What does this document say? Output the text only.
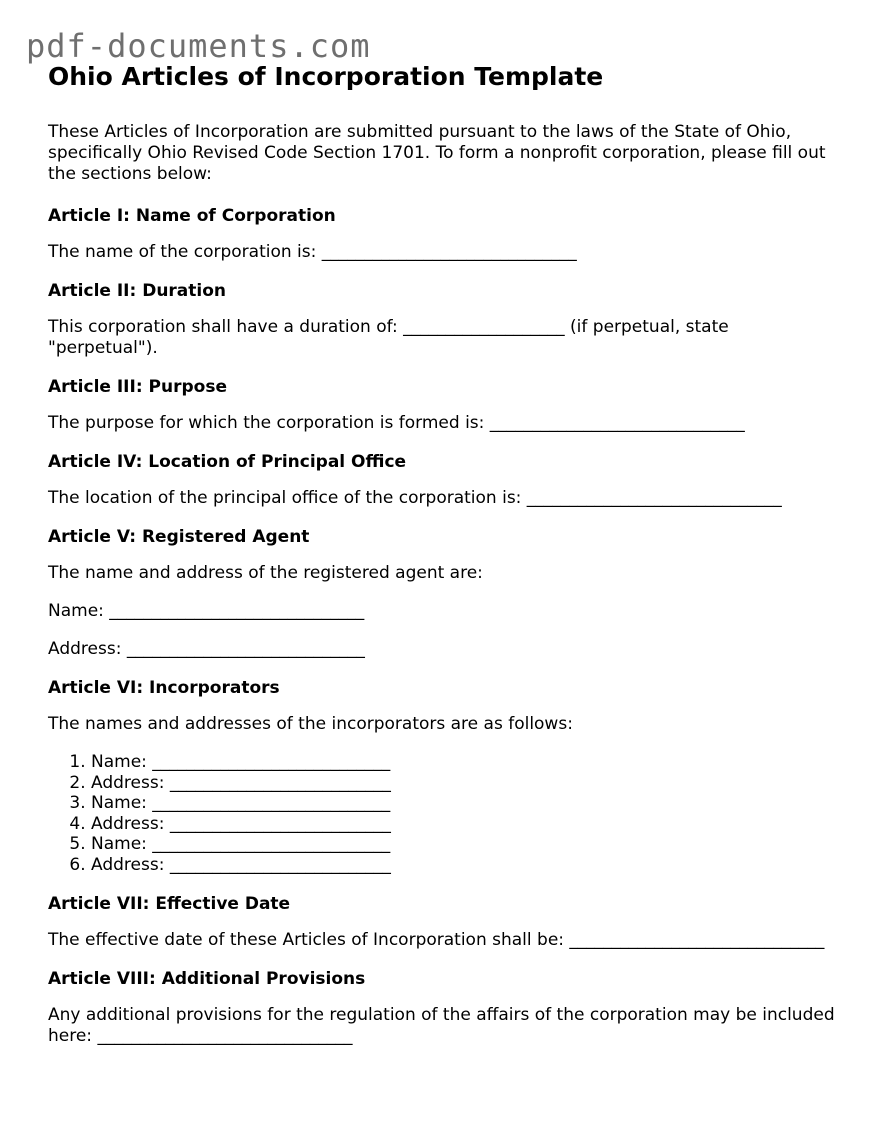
pdf-documents.com
Ohio Articles of Incorporation Template

These Articles of Incorporation are submitted pursuant to the laws of the State of Ohio, specifically Ohio Revised Code Section 1701. To form a nonprofit corporation, please fill out the sections below:

Article I: Name of Corporation

The name of the corporation is: ______________________________

Article II: Duration

This corporation shall have a duration of: ___________________ (if perpetual, state "perpetual").

Article III: Purpose

The purpose for which the corporation is formed is: ______________________________

Article IV: Location of Principal Office

The location of the principal office of the corporation is: ______________________________

Article V: Registered Agent

The name and address of the registered agent are:

Name: ______________________________

Address: ____________________________

Article VI: Incorporators

The names and addresses of the incorporators are as follows:

1. Name: ____________________________
2. Address: __________________________
3. Name: ____________________________
4. Address: __________________________
5. Name: ____________________________
6. Address: __________________________
Article VII: Effective Date

The effective date of these Articles of Incorporation shall be: ______________________________

Article VIII: Additional Provisions

Any additional provisions for the regulation of the affairs of the corporation may be included here: ______________________________
